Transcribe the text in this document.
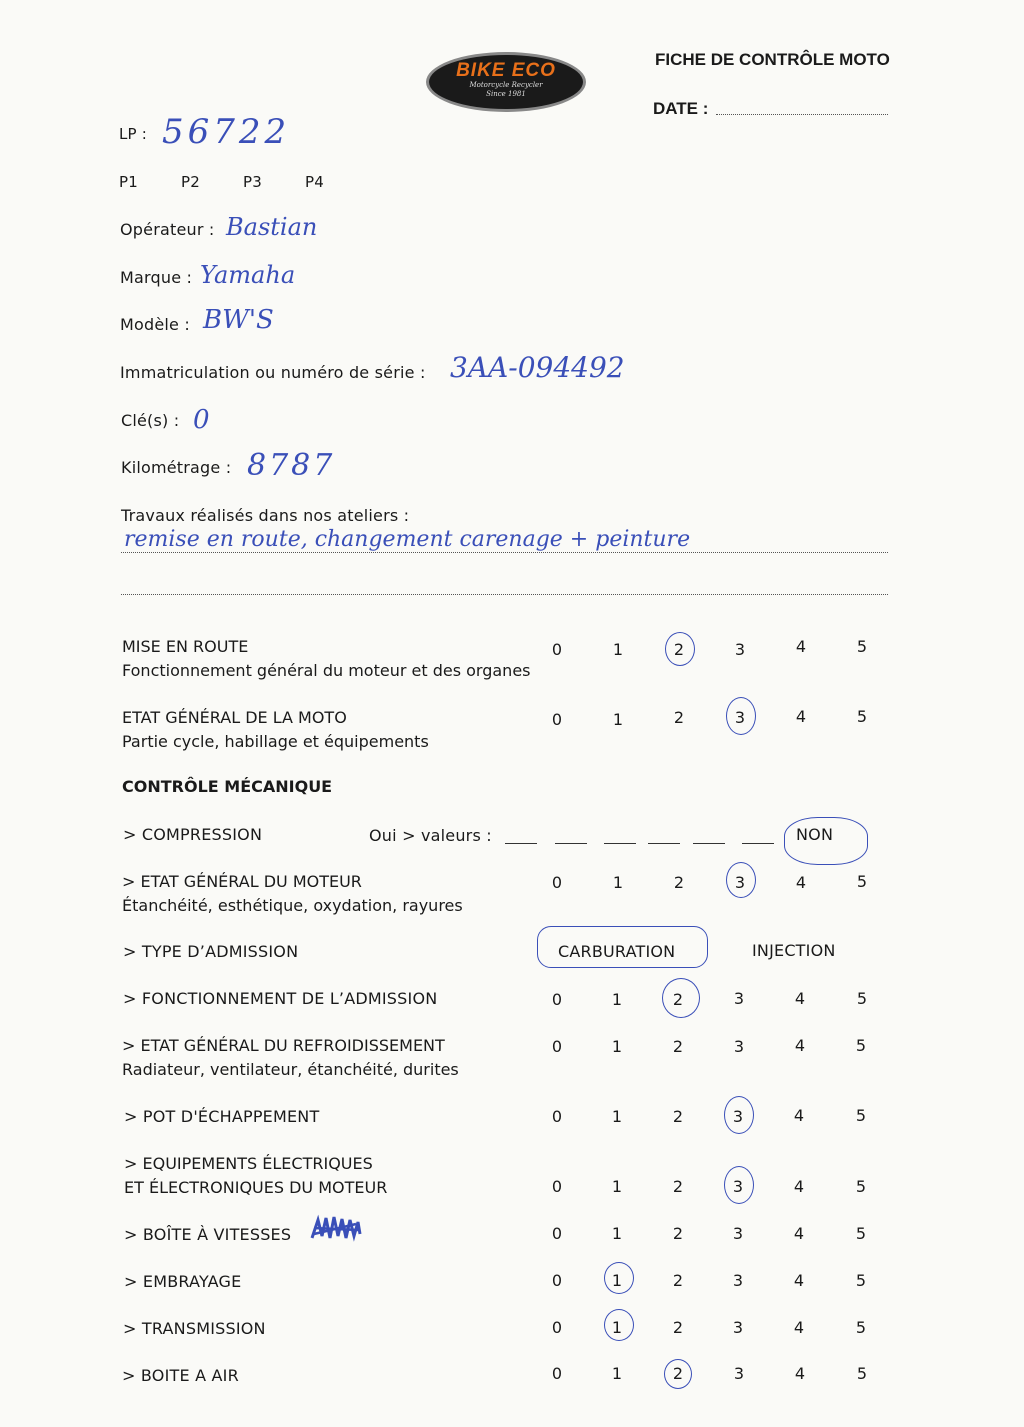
BIKE ECO
Motorcycle Recycler
Since 1981
FICHE DE CONTRÔLE MOTO
DATE :
LP : 56722
P1	P2	P3	P4
Opérateur : Bastian
Marque : Yamaha
Modèle : BW'S
Immatriculation ou numéro de série : 3AA-094492
Clé(s) : 0
Kilométrage : 8787
Travaux réalisés dans nos ateliers :
remise en route, changement carenage + peinture
MISE EN ROUTE
Fonctionnement général du moteur et des organes
0	1	2	3	4	5
ETAT GÉNÉRAL DE LA MOTO
Partie cycle, habillage et équipements
0	1	2	3	4	5
CONTRÔLE MÉCANIQUE
> COMPRESSION	Oui > valeurs :	NON
> ETAT GÉNÉRAL DU MOTEUR
Étanchéité, esthétique, oxydation, rayures
0	1	2	3	4	5
> TYPE D’ADMISSION	CARBURATION	INJECTION
> FONCTIONNEMENT DE L’ADMISSION	0	1	2	3	4	5
> ETAT GÉNÉRAL DU REFROIDISSEMENT
Radiateur, ventilateur, étanchéité, durites
0	1	2	3	4	5
> POT D'ÉCHAPPEMENT	0	1	2	3	4	5
> EQUIPEMENTS ÉLECTRIQUES
ET ÉLECTRONIQUES DU MOTEUR	0	1	2	3	4	5
> BOÎTE À VITESSES	0	1	2	3	4	5
> EMBRAYAGE	0	1	2	3	4	5
> TRANSMISSION	0	1	2	3	4	5
> BOITE A AIR	0	1	2	3	4	5
